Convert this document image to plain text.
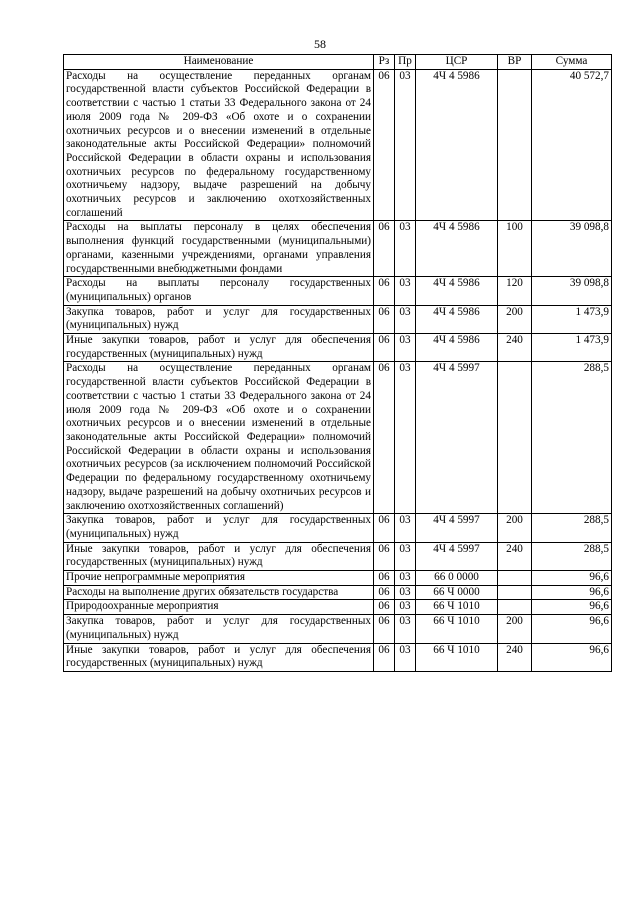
58
Наименование	Рз	Пр	ЦСР	ВР	Сумма
Расходы на осуществление переданных органам государственной власти субъектов Российской Федерации в соответствии с частью 1 статьи 33 Федерального закона от 24 июля 2009 года № 209-ФЗ «Об охоте и о сохранении охотничьих ресурсов и о внесении изменений в отдельные законодательные акты Российской Федерации» полномочий Российской Федерации в области охраны и использования охотничьих ресурсов по федеральному государственному охотничьему надзору, выдаче разрешений на добычу охотничьих ресурсов и заключению охотхозяйственных соглашений	06	03	4Ч 4 5986		40 572,7
Расходы на выплаты персоналу в целях обеспечения выполнения функций государственными (муниципальными) органами, казенными учреждениями, органами управления государственными внебюджетными фондами	06	03	4Ч 4 5986	100	39 098,8
Расходы на выплаты персоналу государственных (муниципальных) органов	06	03	4Ч 4 5986	120	39 098,8
Закупка товаров, работ и услуг для государственных (муниципальных) нужд	06	03	4Ч 4 5986	200	1 473,9
Иные закупки товаров, работ и услуг для обеспечения государственных (муниципальных) нужд	06	03	4Ч 4 5986	240	1 473,9
Расходы на осуществление переданных органам государственной власти субъектов Российской Федерации в соответствии с частью 1 статьи 33 Федерального закона от 24 июля 2009 года № 209-ФЗ «Об охоте и о сохранении охотничьих ресурсов и о внесении изменений в отдельные законодательные акты Российской Федерации» полномочий Российской Федерации в области охраны и использования охотничьих ресурсов (за исключением полномочий Российской Федерации по федеральному государственному охотничьему надзору, выдаче разрешений на добычу охотничьих ресурсов и заключению охотхозяйственных соглашений)	06	03	4Ч 4 5997		288,5
Закупка товаров, работ и услуг для государственных (муниципальных) нужд	06	03	4Ч 4 5997	200	288,5
Иные закупки товаров, работ и услуг для обеспечения государственных (муниципальных) нужд	06	03	4Ч 4 5997	240	288,5
Прочие непрограммные мероприятия	06	03	66 0 0000		96,6
Расходы на выполнение других обязательств государства	06	03	66 Ч 0000		96,6
Природоохранные мероприятия	06	03	66 Ч 1010		96,6
Закупка товаров, работ и услуг для государственных (муниципальных) нужд	06	03	66 Ч 1010	200	96,6
Иные закупки товаров, работ и услуг для обеспечения государственных (муниципальных) нужд	06	03	66 Ч 1010	240	96,6
